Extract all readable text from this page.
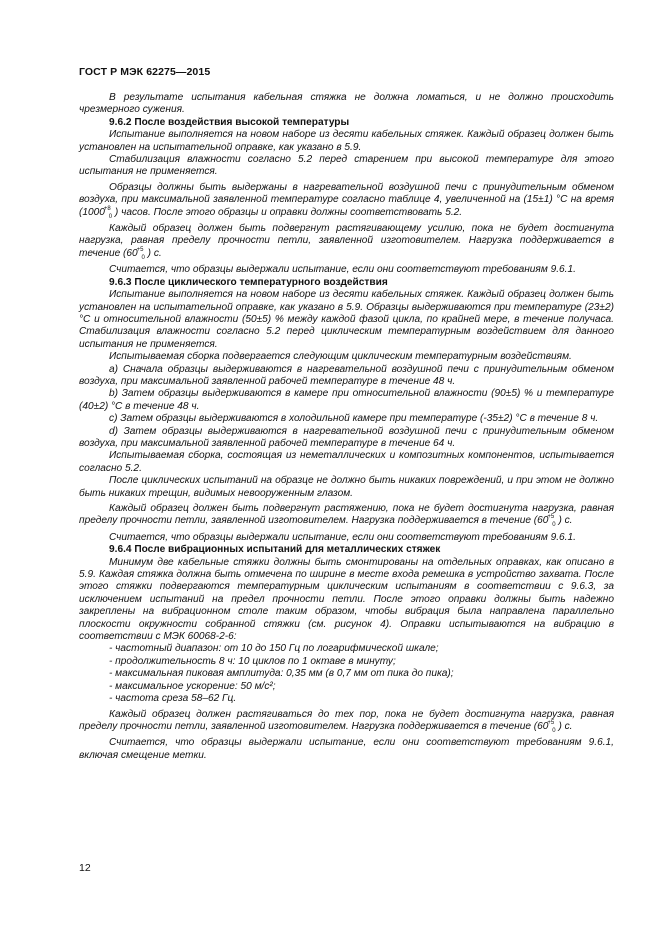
ГОСТ Р МЭК 62275—2015

В результате испытания кабельная стяжка не должна ломаться, и не должно происходить чрезмерного сужения.

9.6.2 После воздействия высокой температуры

Испытание выполняется на новом наборе из десяти кабельных стяжек. Каждый образец должен быть установлен на испытательной оправке, как указано в 5.9.

Стабилизация влажности согласно 5.2 перед старением при высокой температуре для этого испытания не применяется.

Образцы должны быть выдержаны в нагревательной воздушной печи с принудительным обменом воздуха, при максимальной заявленной температуре согласно таблице 4, увеличенной на (15±1) °С на время ($1000^{+8}_0$ ) часов. После этого образцы и оправки должны соответствовать 5.2.

Каждый образец должен быть подвергнут растягивающему усилию, пока не будет достигнута нагрузка, равная пределу прочности петли, заявленной изготовителем. Нагрузка поддерживается в течение ($60^{+5}_0$ ) с.

Считается, что образцы выдержали испытание, если они соответствуют требованиям 9.6.1.

9.6.3 После циклического температурного воздействия

Испытание выполняется на новом наборе из десяти кабельных стяжек. Каждый образец должен быть установлен на испытательной оправке, как указано в 5.9. Образцы выдерживаются при температуре (23±2) °С и относительной влажности (50±5) % между каждой фазой цикла, по крайней мере, в течение получаса. Стабилизация влажности согласно 5.2 перед циклическим температурным воздействием для данного испытания не применяется.

Испытываемая сборка подвергается следующим циклическим температурным воздействиям.

a) Сначала образцы выдерживаются в нагревательной воздушной печи с принудительным обменом воздуха, при максимальной заявленной рабочей температуре в течение 48 ч.

b) Затем образцы выдерживаются в камере при относительной влажности (90±5) % и температуре (40±2) °С в течение 48 ч.

c) Затем образцы выдерживаются в холодильной камере при температуре (-35±2) °С в течение 8 ч.

d) Затем образцы выдерживаются в нагревательной воздушной печи с принудительным обменом воздуха, при максимальной заявленной рабочей температуре в течение 64 ч.

Испытываемая сборка, состоящая из неметаллических и композитных компонентов, испытывается согласно 5.2.

После циклических испытаний на образце не должно быть никаких повреждений, и при этом не должно быть никаких трещин, видимых невооруженным глазом.

Каждый образец должен быть подвергнут растяжению, пока не будет достигнута нагрузка, равная пределу прочности петли, заявленной изготовителем. Нагрузка поддерживается в течение ($60^{+5}_0$ ) с.

Считается, что образцы выдержали испытание, если они соответствуют требованиям 9.6.1.

9.6.4 После вибрационных испытаний для металлических стяжек

Минимум две кабельные стяжки должны быть смонтированы на отдельных оправках, как описано в 5.9. Каждая стяжка должна быть отмечена по ширине в месте входа ремешка в устройство захвата. После этого стяжки подвергаются температурным циклическим испытаниям в соответствии с 9.6.3, за исключением испытаний на предел прочности петли. После этого оправки должны быть надежно закреплены на вибрационном столе таким образом, чтобы вибрация была направлена параллельно плоскости окружности собранной стяжки (см. рисунок 4). Оправки испытываются на вибрацию в соответствии с МЭК 60068-2-6:

- частотный диапазон: от 10 до 150 Гц по логарифмической шкале;

- продолжительность 8 ч: 10 циклов по 1 октаве в минуту;

- максимальная пиковая амплитуда: 0,35 мм (в 0,7 мм от пика до пика);

- максимальное ускорение: 50 м/с²;

- частота среза 58–62 Гц.

Каждый образец должен растягиваться до тех пор, пока не будет достигнута нагрузка, равная пределу прочности петли, заявленной изготовителем. Нагрузка поддерживается в течение ($60^{+5}_0$ ) с.

Считается, что образцы выдержали испытание, если они соответствуют требованиям 9.6.1, включая смещение метки.

12
